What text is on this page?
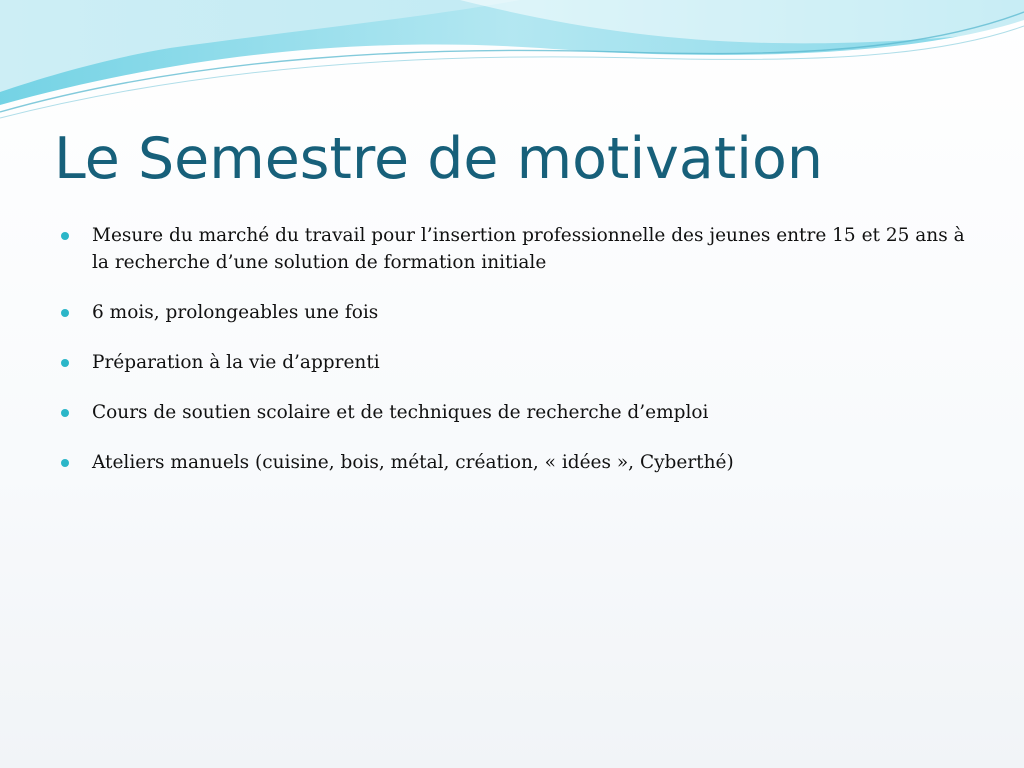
Le Semestre de motivation
Mesure du marché du travail pour l’insertion professionnelle des jeunes entre 15 et 25 ans à la recherche d’une solution de formation initiale
6 mois, prolongeables une fois
Préparation à la vie d’apprenti
Cours de soutien scolaire et de techniques de recherche d’emploi
Ateliers manuels (cuisine, bois, métal, création, « idées », Cyberthé)
